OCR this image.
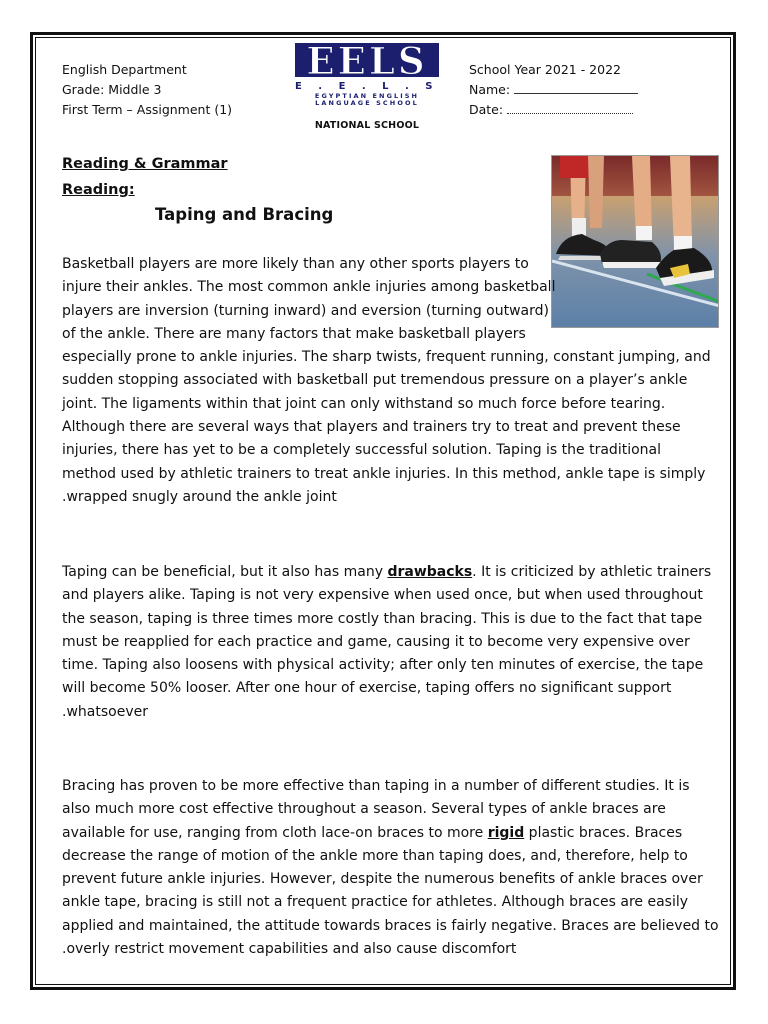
English Department
Grade: Middle 3
First Term – Assignment (1)
School Year 2021 - 2022
Name:
Date:
EELS
E . E . L . S
EGYPTIAN ENGLISH
LANGUAGE SCHOOL
NATIONAL SCHOOL
Reading & Grammar
Reading:
Taping and Bracing
Basketball players are more likely than any other sports players to
injure their ankles. The most common ankle injuries among basketball
players are inversion (turning inward) and eversion (turning outward)
of the ankle. There are many factors that make basketball players
especially prone to ankle injuries. The sharp twists, frequent running, constant jumping, and
sudden stopping associated with basketball put tremendous pressure on a player’s ankle
joint. The ligaments within that joint can only withstand so much force before tearing.
Although there are several ways that players and trainers try to treat and prevent these
injuries, there has yet to be a completely successful solution. Taping is the traditional
method used by athletic trainers to treat ankle injuries. In this method, ankle tape is simply
.wrapped snugly around the ankle joint
Taping can be beneficial, but it also has many drawbacks. It is criticized by athletic trainers
and players alike. Taping is not very expensive when used once, but when used throughout
the season, taping is three times more costly than bracing. This is due to the fact that tape
must be reapplied for each practice and game, causing it to become very expensive over
time. Taping also loosens with physical activity; after only ten minutes of exercise, the tape
will become 50% looser. After one hour of exercise, taping offers no significant support
.whatsoever
Bracing has proven to be more effective than taping in a number of different studies. It is
also much more cost effective throughout a season. Several types of ankle braces are
available for use, ranging from cloth lace-on braces to more rigid plastic braces. Braces
decrease the range of motion of the ankle more than taping does, and, therefore, help to
prevent future ankle injuries. However, despite the numerous benefits of ankle braces over
ankle tape, bracing is still not a frequent practice for athletes. Although braces are easily
applied and maintained, the attitude towards braces is fairly negative. Braces are believed to
.overly restrict movement capabilities and also cause discomfort
